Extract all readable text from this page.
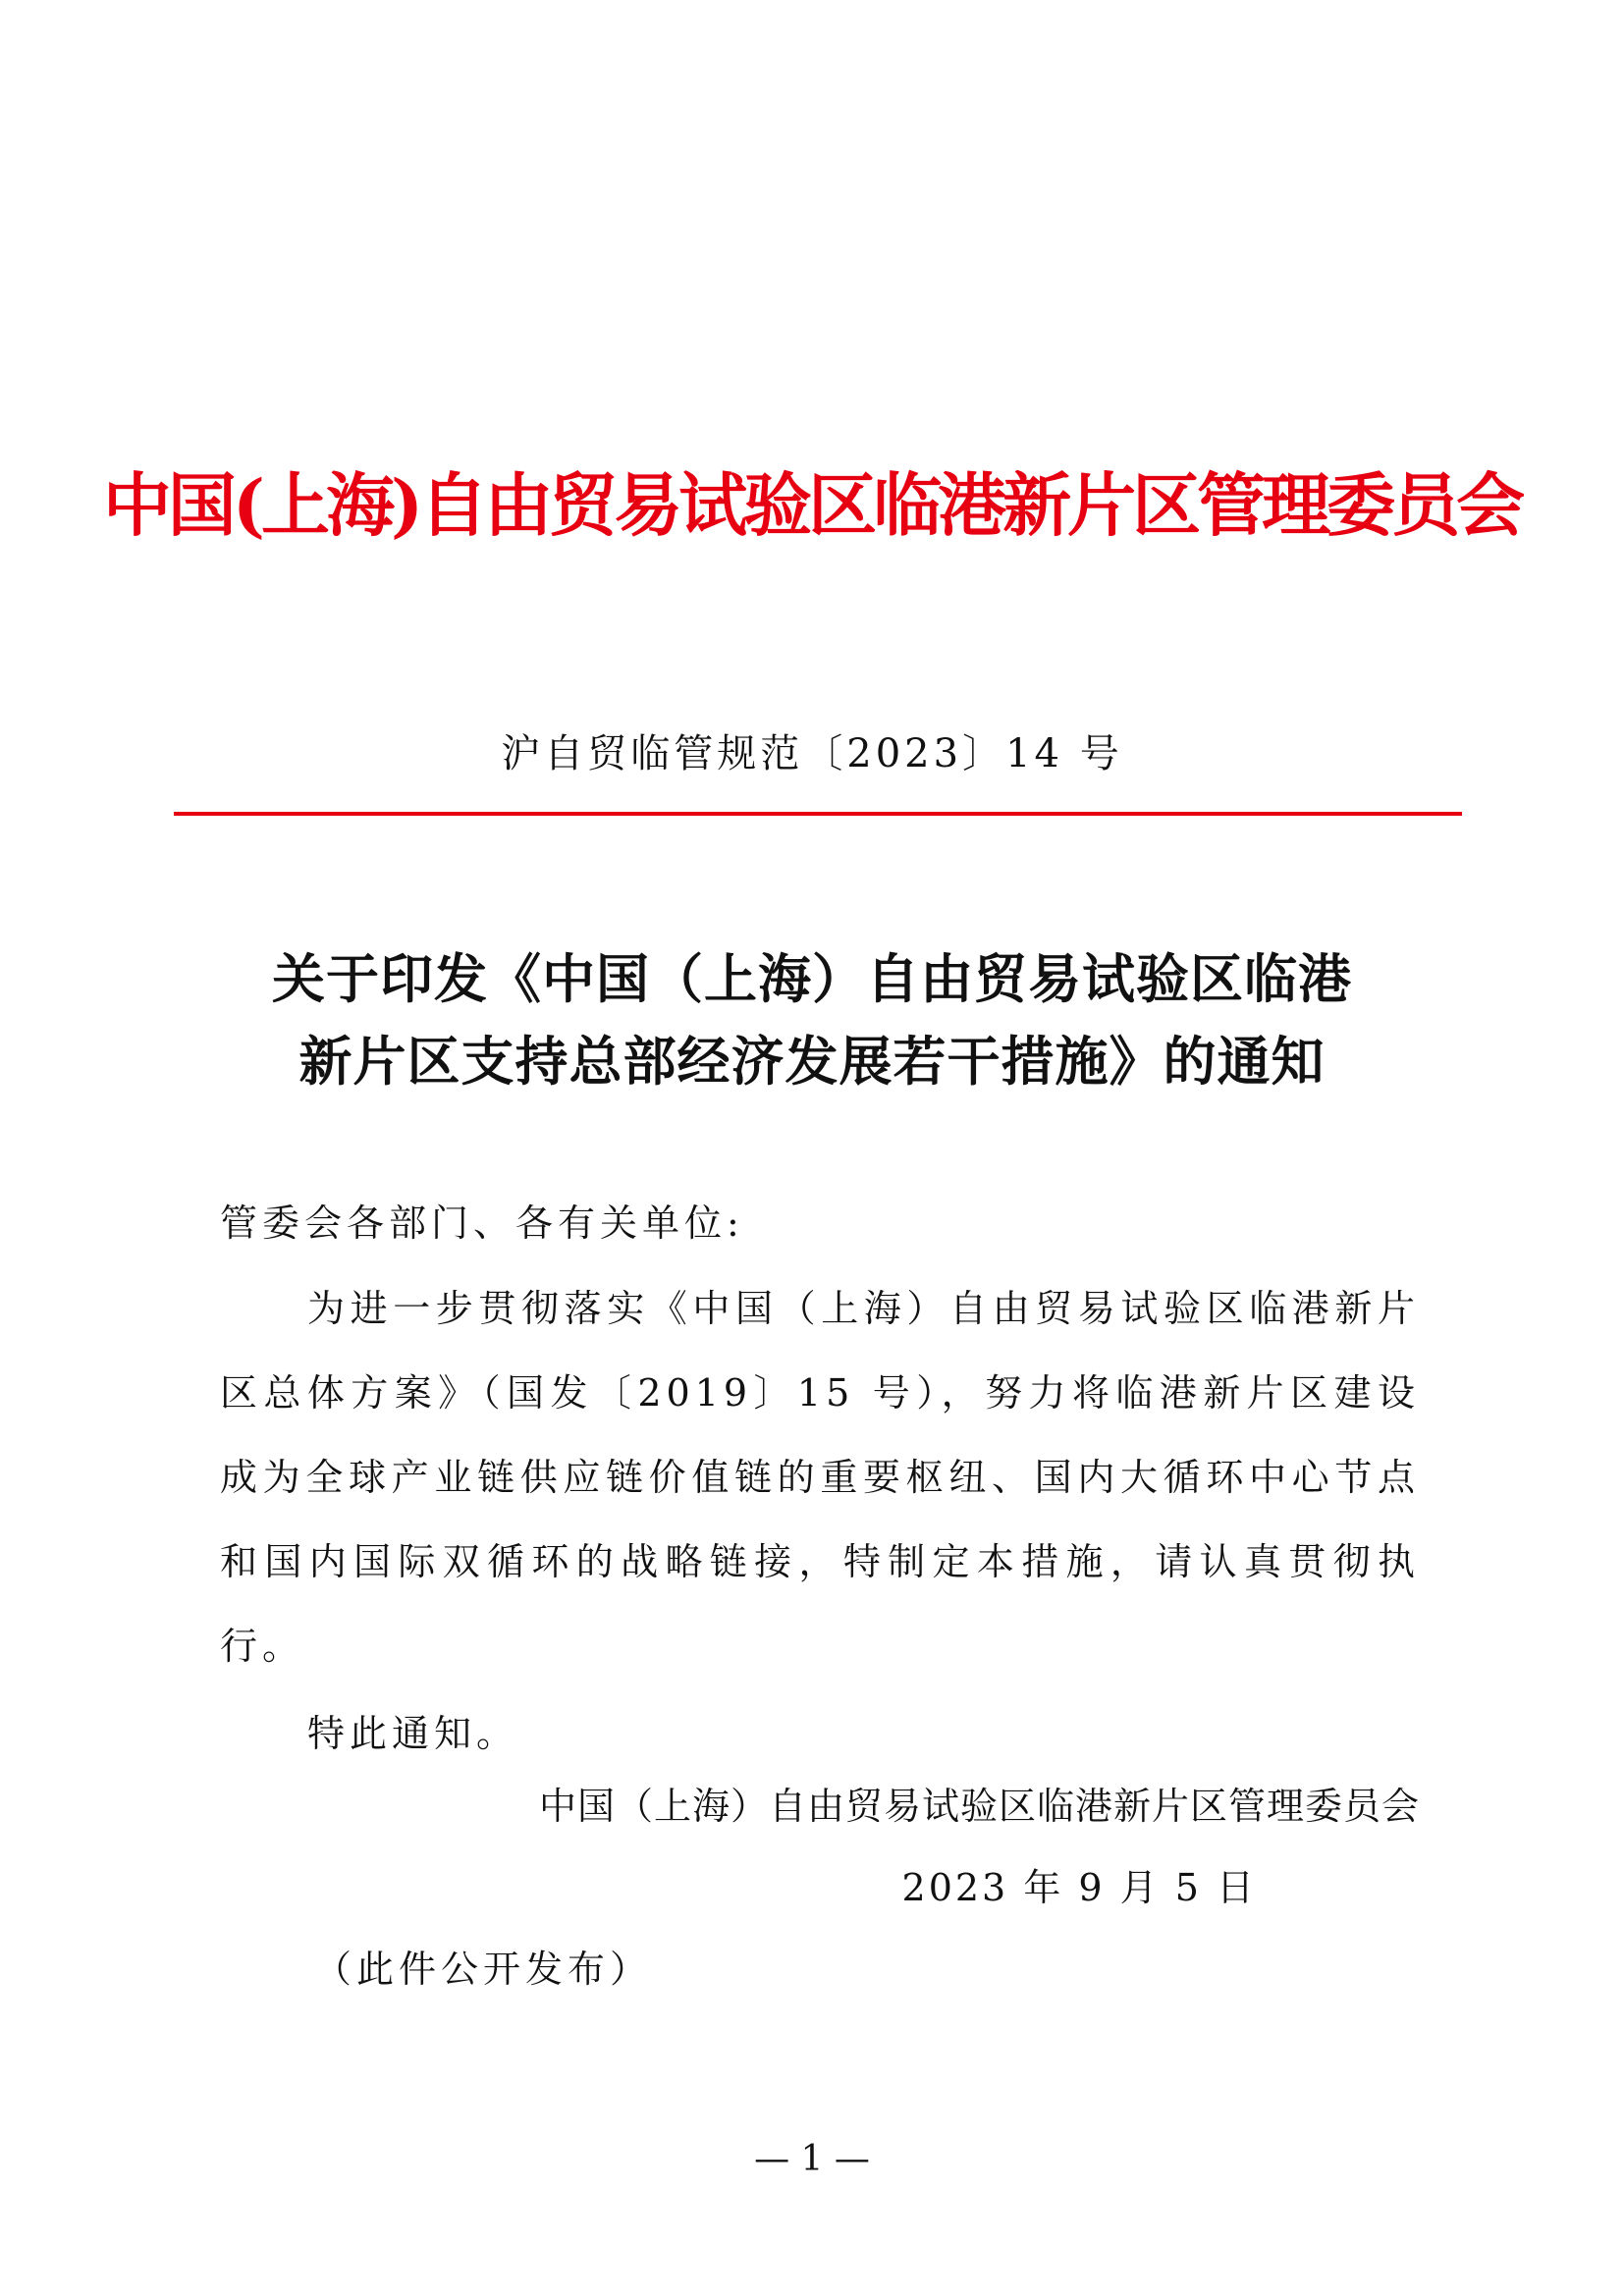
中国(上海)自由贸易试验区临港新片区管理委员会
沪自贸临管规范〔2023〕14 号
关于印发《中国（上海）自由贸易试验区临港
新片区支持总部经济发展若干措施》的通知
管委会各部门、各有关单位:
为进一步贯彻落实《中国（上海）自由贸易试验区临港新片区总体方案》（国发〔2019〕15 号），努力将临港新片区建设成为全球产业链供应链价值链的重要枢纽、国内大循环中心节点和国内国际双循环的战略链接，特制定本措施，请认真贯彻执行。
特此通知。
中国（上海）自由贸易试验区临港新片区管理委员会
2023 年 9 月 5 日
（此件公开发布）
— 1 —
